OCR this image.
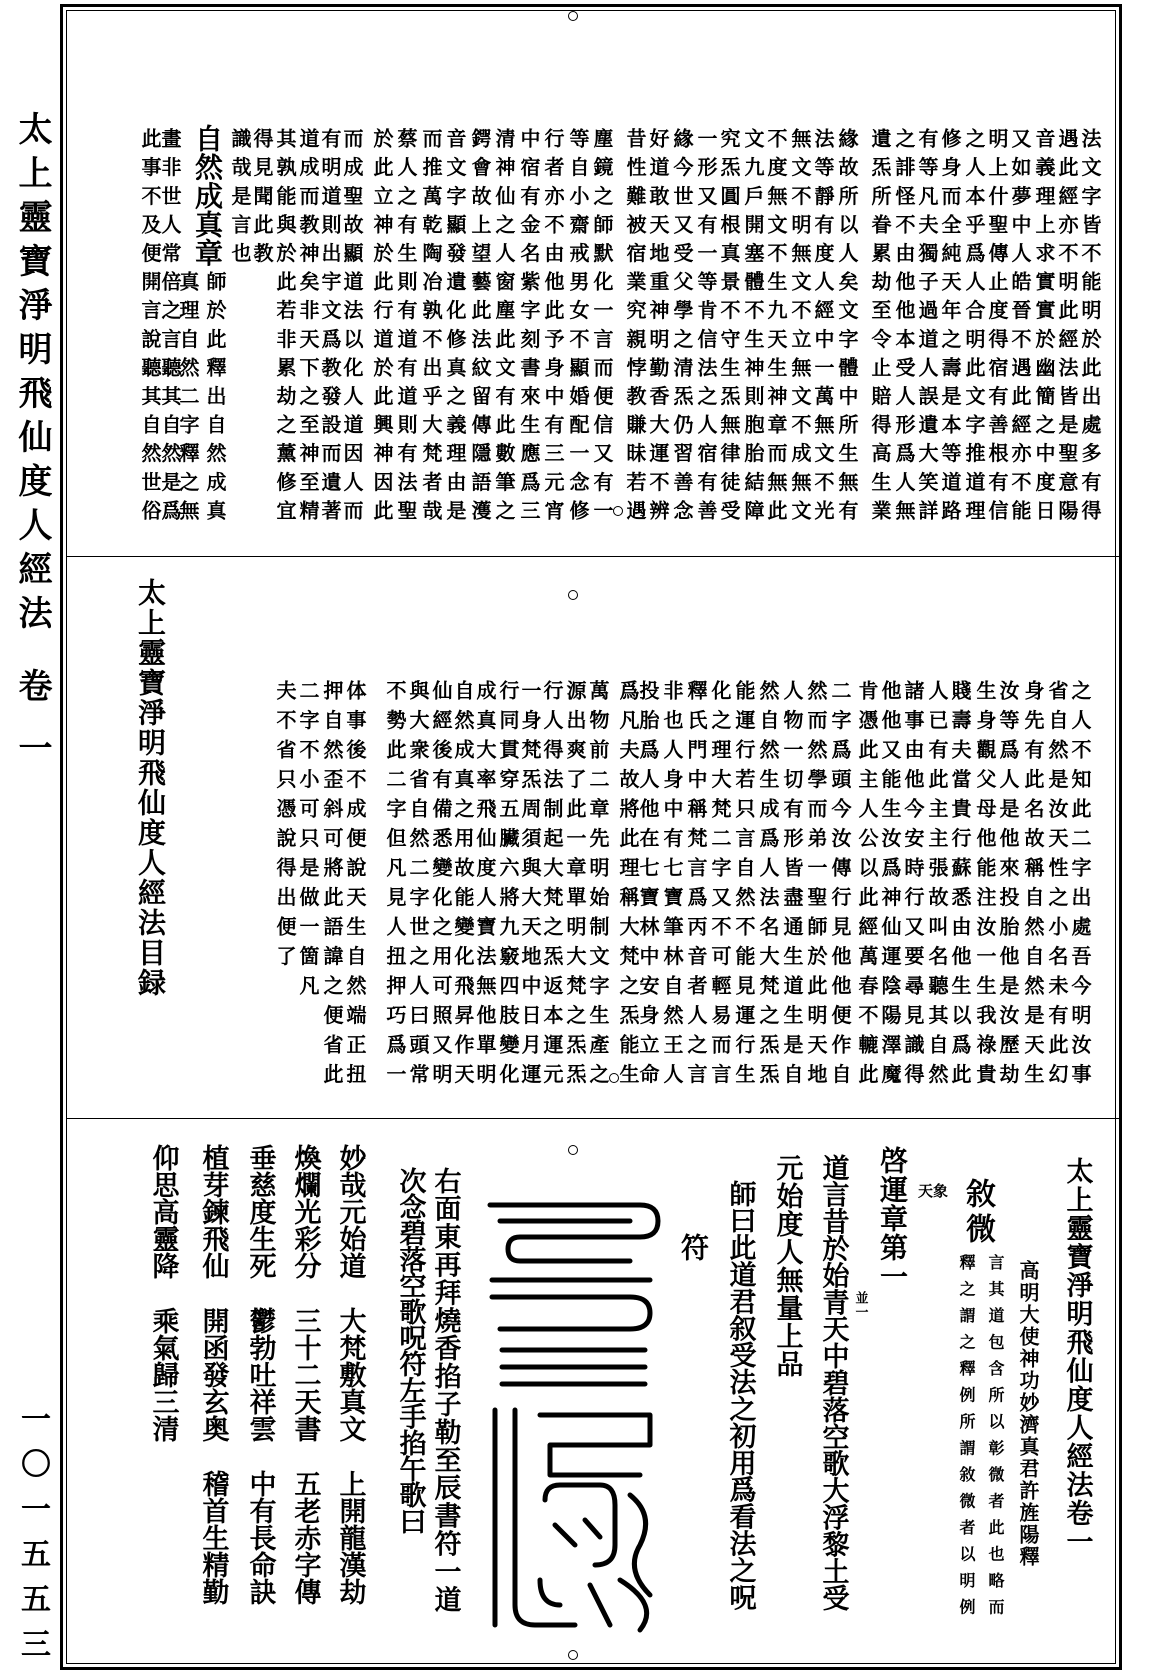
天象
太上靈寶淨明飛仙度人經法
卷一
一〇一五五三
法文字皆不能明於此出處多有得
遇此經亦不明此經法皆是聖意陽
音義理上求實實於幽簡之中度日
又如夢中人皓晉不遇此經亦不能
明上什聖傳止度得宿有善根有信
之人本乎爲人合明此文字推道理
修身而全純天年之壽是本等道路
有等凡夫獨子過道人誤遺大笑詳
之誹怪不由他他本受人形爲人無
遺炁所眷累劫至令止賠得高生業
緣故所以人矣文字體中所生無有
法等靜有度人經中一萬無文不光
無文不明無文不立無文不成無文
不度無文不生九天生神章而無此
文九戶開塞體不生神則胞胎結障
究炁圓根真景不守生炁無律徒受
一形又有一等肯信法之人宿有善
緣今世又受父學之清炁仍習善念
好道敢天地重神明勤香大運不辨
昔性難被宿業究親悖教賺昧若遇
塵鏡之師默化一言而便信又有一
等自小齋戒男女不顯婚配一念修
行者亦不由他此予身中有三元宵
中宿有金名紫字刻書來生應爲三
清神仙之人窗塵此文有此數筆之
鍔會故上望藝此法紋留傳隱語濩
音文字顯發遺化修真之義理由是
而推萬乾陶冶孰不出乎大梵者哉
蔡人之有生則有道有道則有法聖
於此立神於此行道於此興神因此
而成聖故顯道法以化人道因人而
有明道則出宇文爲教發設而遺著
道成而教神矣非天下之至神至精
其孰能與於此若非累劫之薰修宜
得見聞此教
識哉是言也
師於此釋出自然成真
真理自然二字釋之無
畫非世人常倍之言聽其自然是爲
此事不及便開言說聽其自然世俗 自然成真章
之人不知此二字出處吾今明汝事
省自然是汝天性之小名未有此幻
身先有此名故稱自然自然是天生
汝等爲人是他來投胎他是汝歷劫
生身觀父母他能注汝一生我祿貴
賤壽夫當貴行蘇悉由他生以爲此
人已有此主主張故叫名聽其自然
諸事由他今安時行又要尋見識得
他他又能生汝爲神仙運陰陽澤魔
肯憑此主人公以此經萬春不轆此
二字爲頭今汝傳行見他他便作自
然而然學而弟一聖師於此明天地
人物一切有形皆盡通生道生是自
然自然生成爲人法名大梵之炁炁
能運行若只言自然不能見運行生
化之理大梵二字又不可輕易而言
釋氏門中稱梵言爲丙音者人之言
非也人身中有七寶筆林自然王人
投胎爲人他在七寶林中安身立命
爲凡夫故將此理稱大梵之炁能生
萬物前二章先明始制文字生產之
源出爽了此一章單明大梵之炁炁
行人得法制起大梵之炁返本運元
一身梵炁周須與大天地中日月運
行同貫穿五臟六將九竅四肢變化
成真大率飛仙度人寶法無他單明
自然成真之用故能變化飛昇作天
仙經後有備悉變化之用可照又明
與大衆省自然二字世之人曰頭常
不勢此二字但凡見人扭押巧爲一
体事後不成便說天生自然端正扭
押自然歪斜可將此語諱之便省此
二字不小可只是做一箇凡
夫不省只憑說得出便了
太上靈寶淨明飛仙度人經法目録
太上靈寶淨明飛仙度人經法卷一
高明大使神功妙濟真君許旌陽釋
敘微
言其道包含所以彰微者此也略而
釋之謂之釋例所謂敘微者以明例
啓運章第一
並一
道言昔於始青天中碧落空歌大浮黎土受
元始度人無量上品
師曰此道君叙受法之初用爲看法之呪
符
右面東再拜燒香掐子勒至辰書符一道
次念碧落空歌呪符左手掐午歌曰
妙哉元始道
大梵敷真文
上開龍漢劫
煥爛光彩分
三十二天書
五老赤字傳
垂慈度生死
鬱勃吐祥雲
中有長命訣
植芽鍊飛仙
開函發玄奥
稽首生精勤
仰思高靈降
乘氣歸三清
